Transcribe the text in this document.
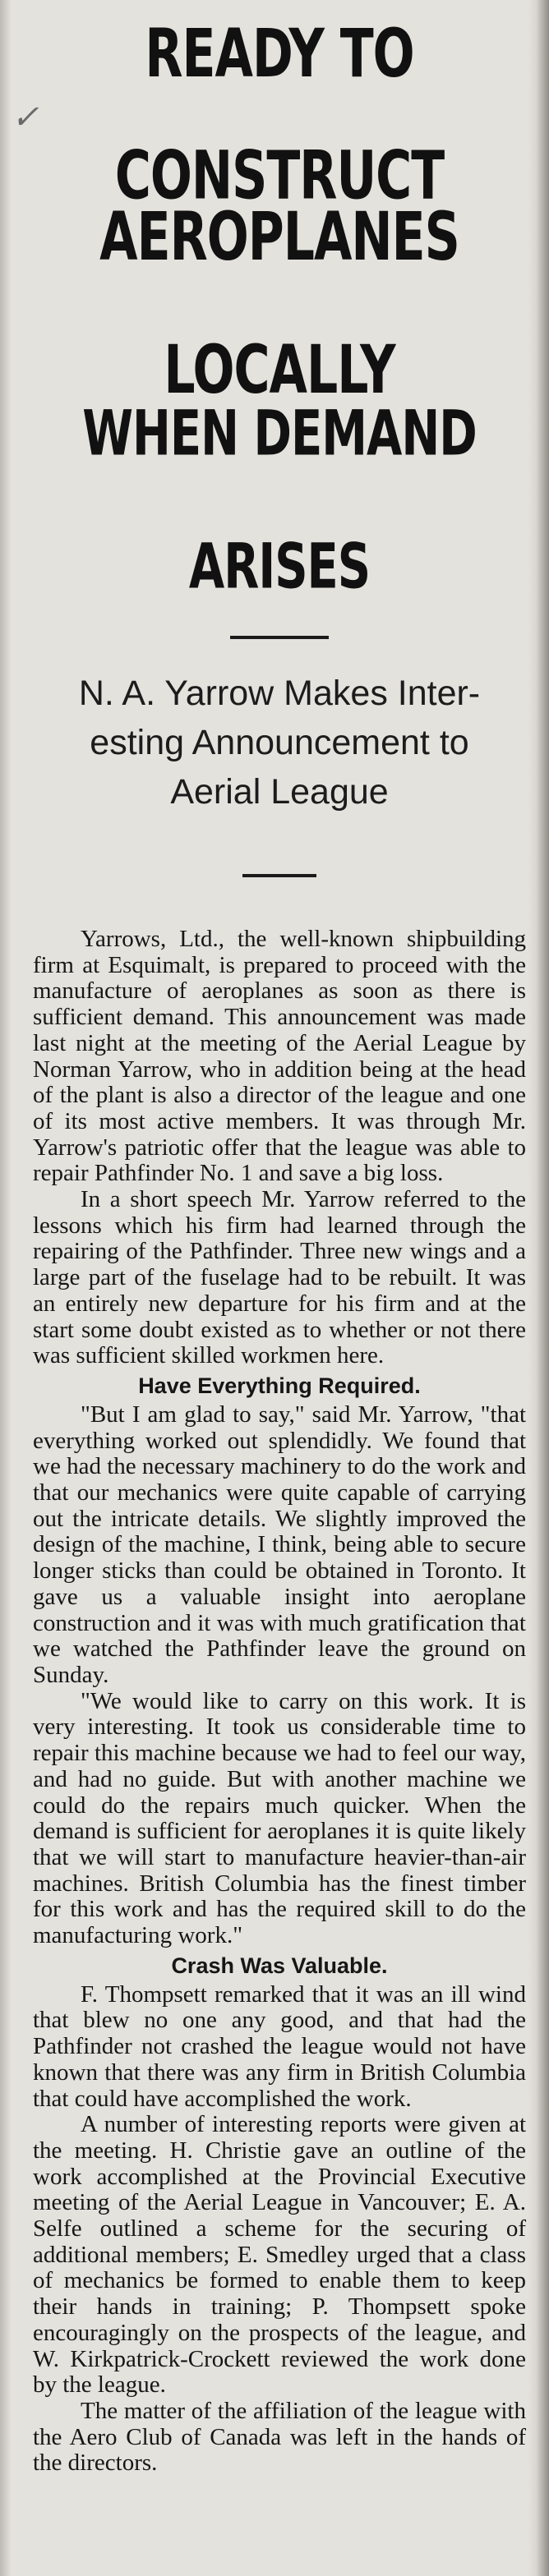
✓
READY TO CONSTRUCT
AEROPLANES LOCALLY
WHEN DEMAND ARISES
N. A. Yarrow Makes Inter-
esting Announcement to
Aerial League

Yarrows, Ltd., the well-known shipbuilding firm at Esquimalt, is prepared to proceed with the manufacture of aeroplanes as soon as there is sufficient demand. This announcement was made last night at the meeting of the Aerial League by Norman Yarrow, who in addition being at the head of the plant is also a director of the league and one of its most active members. It was through Mr. Yarrow's patriotic offer that the league was able to repair Pathfinder No. 1 and save a big loss.

In a short speech Mr. Yarrow referred to the lessons which his firm had learned through the repairing of the Pathfinder. Three new wings and a large part of the fuselage had to be rebuilt. It was an entirely new departure for his firm and at the start some doubt existed as to whether or not there was sufficient skilled workmen here.

Have Everything Required.

"But I am glad to say," said Mr. Yarrow, "that everything worked out splendidly. We found that we had the necessary machinery to do the work and that our mechanics were quite capable of carrying out the intricate details. We slightly improved the design of the machine, I think, being able to secure longer sticks than could be obtained in Toronto. It gave us a valuable insight into aeroplane construction and it was with much gratification that we watched the Pathfinder leave the ground on Sunday.

"We would like to carry on this work. It is very interesting. It took us considerable time to repair this machine because we had to feel our way, and had no guide. But with another machine we could do the repairs much quicker. When the demand is sufficient for aeroplanes it is quite likely that we will start to manufacture heavier-than-air machines. British Columbia has the finest timber for this work and has the required skill to do the manufacturing work."

Crash Was Valuable.

F. Thompsett remarked that it was an ill wind that blew no one any good, and that had the Pathfinder not crashed the league would not have known that there was any firm in British Columbia that could have accomplished the work.

A number of interesting reports were given at the meeting. H. Christie gave an outline of the work accomplished at the Provincial Executive meeting of the Aerial League in Vancouver; E. A. Selfe outlined a scheme for the securing of additional members; E. Smedley urged that a class of mechanics be formed to enable them to keep their hands in training; P. Thompsett spoke encouragingly on the prospects of the league, and W. Kirkpatrick-Crockett reviewed the work done by the league.

The matter of the affiliation of the league with the Aero Club of Canada was left in the hands of the directors.
